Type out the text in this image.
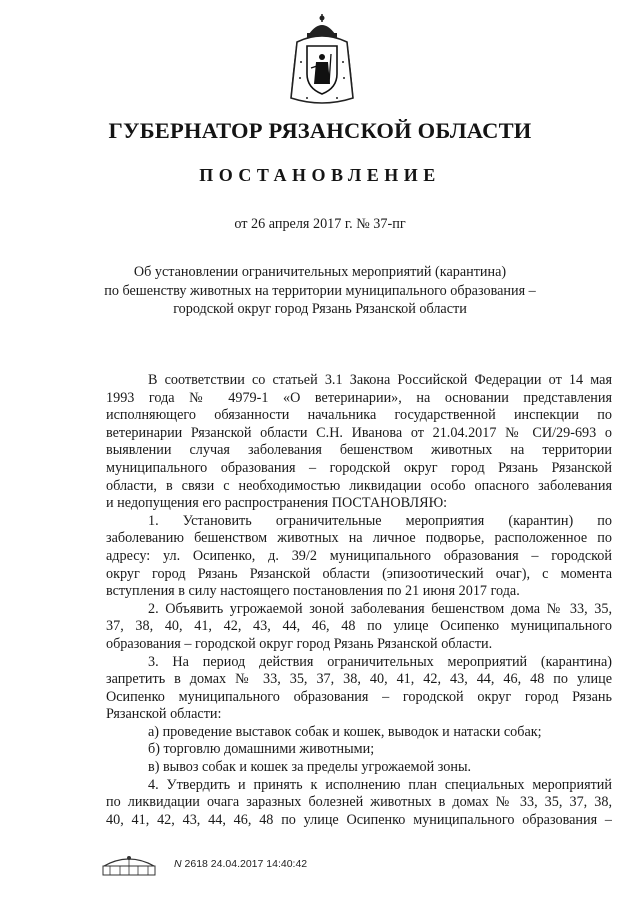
ГУБЕРНАТОР РЯЗАНСКОЙ ОБЛАСТИ
ПОСТАНОВЛЕНИЕ
от 26 апреля 2017 г. № 37-пг
Об установлении ограничительных мероприятий (карантина)
по бешенству животных на территории муниципального образования –
городской округ город Рязань Рязанской области
В соответствии со статьей 3.1 Закона Российской Федерации от 14 мая
1993 года № 4979-1 «О ветеринарии», на основании представления
исполняющего обязанности начальника государственной инспекции по
ветеринарии Рязанской области С.Н. Иванова от 21.04.2017 № СИ/29-693 о
выявлении случая заболевания бешенством животных на территории
муниципального образования – городской округ город Рязань Рязанской
области, в связи с необходимостью ликвидации особо опасного заболевания
и недопущения его распространения ПОСТАНОВЛЯЮ:
1. Установить ограничительные мероприятия (карантин) по
заболеванию бешенством животных на личное подворье, расположенное по
адресу: ул. Осипенко, д. 39/2 муниципального образования – городской
округ город Рязань Рязанской области (эпизоотический очаг), с момента
вступления в силу настоящего постановления по 21 июня 2017 года.
2. Объявить угрожаемой зоной заболевания бешенством дома № 33, 35,
37, 38, 40, 41, 42, 43, 44, 46, 48 по улице Осипенко муниципального
образования – городской округ город Рязань Рязанской области.
3. На период действия ограничительных мероприятий (карантина)
запретить в домах № 33, 35, 37, 38, 40, 41, 42, 43, 44, 46, 48 по улице
Осипенко муниципального образования – городской округ город Рязань
Рязанской области:
а) проведение выставок собак и кошек, выводок и натаски собак;
б) торговлю домашними животными;
в) вывоз собак и кошек за пределы угрожаемой зоны.
4. Утвердить и принять к исполнению план специальных мероприятий
по ликвидации очага заразных болезней животных в домах № 33, 35, 37, 38,
40, 41, 42, 43, 44, 46, 48 по улице Осипенко муниципального образования –
N 2618 24.04.2017 14:40:42
